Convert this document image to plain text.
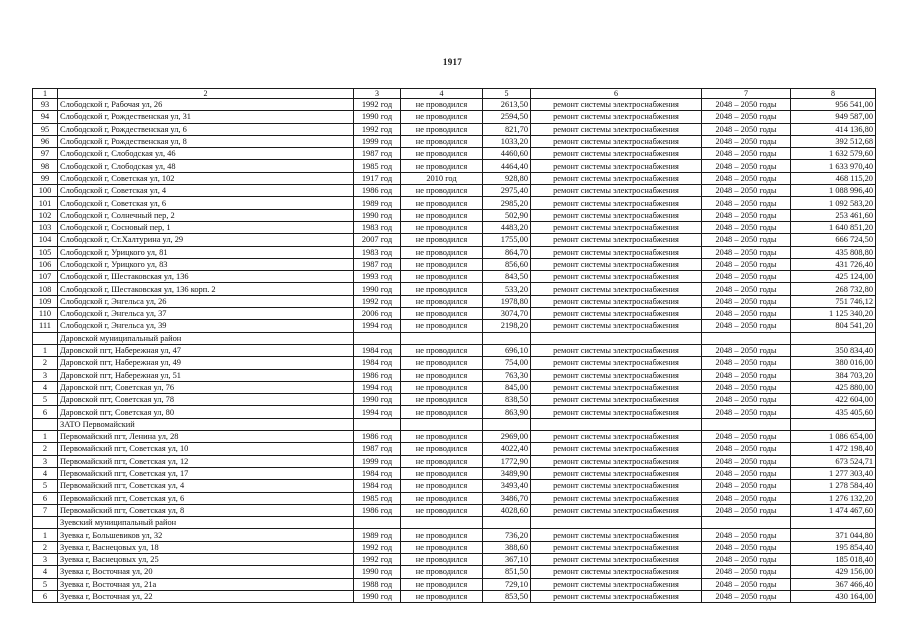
1917
1	2	3	4	5	6	7	8
93	Слободской г, Рабочая ул, 26	1992 год	не проводился	2613,50	ремонт системы электроснабжения	2048 – 2050 годы	956 541,00
94	Слободской г, Рождественская ул, 31	1990 год	не проводился	2594,50	ремонт системы электроснабжения	2048 – 2050 годы	949 587,00
95	Слободской г, Рождественская ул, 6	1992 год	не проводился	821,70	ремонт системы электроснабжения	2048 – 2050 годы	414 136,80
96	Слободской г, Рождественская ул, 8	1999 год	не проводился	1033,20	ремонт системы электроснабжения	2048 – 2050 годы	392 512,68
97	Слободской г, Слободская ул, 46	1987 год	не проводился	4460,60	ремонт системы электроснабжения	2048 – 2050 годы	1 632 579,60
98	Слободской г, Слободская ул, 48	1985 год	не проводился	4464,40	ремонт системы электроснабжения	2048 – 2050 годы	1 633 970,40
99	Слободской г, Советская ул, 102	1917 год	2010 год	928,80	ремонт системы электроснабжения	2048 – 2050 годы	468 115,20
100	Слободской г, Советская ул, 4	1986 год	не проводился	2975,40	ремонт системы электроснабжения	2048 – 2050 годы	1 088 996,40
101	Слободской г, Советская ул, 6	1989 год	не проводился	2985,20	ремонт системы электроснабжения	2048 – 2050 годы	1 092 583,20
102	Слободской г, Солнечный пер, 2	1990 год	не проводился	502,90	ремонт системы электроснабжения	2048 – 2050 годы	253 461,60
103	Слободской г, Сосновый пер, 1	1983 год	не проводился	4483,20	ремонт системы электроснабжения	2048 – 2050 годы	1 640 851,20
104	Слободской г, Ст.Халтурина ул, 29	2007 год	не проводился	1755,00	ремонт системы электроснабжения	2048 – 2050 годы	666 724,50
105	Слободской г, Урицкого ул, 81	1983 год	не проводился	864,70	ремонт системы электроснабжения	2048 – 2050 годы	435 808,80
106	Слободской г, Урицкого ул, 83	1987 год	не проводился	856,60	ремонт системы электроснабжения	2048 – 2050 годы	431 726,40
107	Слободской г, Шестаковская ул, 136	1993 год	не проводился	843,50	ремонт системы электроснабжения	2048 – 2050 годы	425 124,00
108	Слободской г, Шестаковская ул, 136 корп. 2	1990 год	не проводился	533,20	ремонт системы электроснабжения	2048 – 2050 годы	268 732,80
109	Слободской г, Энгельса ул, 26	1992 год	не проводился	1978,80	ремонт системы электроснабжения	2048 – 2050 годы	751 746,12
110	Слободской г, Энгельса ул, 37	2006 год	не проводился	3074,70	ремонт системы электроснабжения	2048 – 2050 годы	1 125 340,20
111	Слободской г, Энгельса ул, 39	1994 год	не проводился	2198,20	ремонт системы электроснабжения	2048 – 2050 годы	804 541,20
	Даровской муниципальный район						
1	Даровской пгт, Набережная ул, 47	1984 год	не проводился	696,10	ремонт системы электроснабжения	2048 – 2050 годы	350 834,40
2	Даровской пгт, Набережная ул, 49	1984 год	не проводился	754,00	ремонт системы электроснабжения	2048 – 2050 годы	380 016,00
3	Даровской пгт, Набережная ул, 51	1986 год	не проводился	763,30	ремонт системы электроснабжения	2048 – 2050 годы	384 703,20
4	Даровской пгт, Советская ул, 76	1994 год	не проводился	845,00	ремонт системы электроснабжения	2048 – 2050 годы	425 880,00
5	Даровской пгт, Советская ул, 78	1990 год	не проводился	838,50	ремонт системы электроснабжения	2048 – 2050 годы	422 604,00
6	Даровской пгт, Советская ул, 80	1994 год	не проводился	863,90	ремонт системы электроснабжения	2048 – 2050 годы	435 405,60
	ЗАТО Первомайский						
1	Первомайский пгт, Ленина ул, 28	1986 год	не проводился	2969,00	ремонт системы электроснабжения	2048 – 2050 годы	1 086 654,00
2	Первомайский пгт, Советская ул, 10	1987 год	не проводился	4022,40	ремонт системы электроснабжения	2048 – 2050 годы	1 472 198,40
3	Первомайский пгт, Советская ул, 12	1999 год	не проводился	1772,90	ремонт системы электроснабжения	2048 – 2050 годы	673 524,71
4	Первомайский пгт, Советская ул, 17	1984 год	не проводился	3489,90	ремонт системы электроснабжения	2048 – 2050 годы	1 277 303,40
5	Первомайский пгт, Советская ул, 4	1984 год	не проводился	3493,40	ремонт системы электроснабжения	2048 – 2050 годы	1 278 584,40
6	Первомайский пгт, Советская ул, 6	1985 год	не проводился	3486,70	ремонт системы электроснабжения	2048 – 2050 годы	1 276 132,20
7	Первомайский пгт, Советская ул, 8	1986 год	не проводился	4028,60	ремонт системы электроснабжения	2048 – 2050 годы	1 474 467,60
	Зуевский муниципальный район						
1	Зуевка г, Большевиков ул, 32	1989 год	не проводился	736,20	ремонт системы электроснабжения	2048 – 2050 годы	371 044,80
2	Зуевка г, Васнецовых ул, 18	1992 год	не проводился	388,60	ремонт системы электроснабжения	2048 – 2050 годы	195 854,40
3	Зуевка г, Васнецовых ул, 25	1992 год	не проводился	367,10	ремонт системы электроснабжения	2048 – 2050 годы	185 018,40
4	Зуевка г, Восточная ул, 20	1990 год	не проводился	851,50	ремонт системы электроснабжения	2048 – 2050 годы	429 156,00
5	Зуевка г, Восточная ул, 21а	1988 год	не проводился	729,10	ремонт системы электроснабжения	2048 – 2050 годы	367 466,40
6	Зуевка г, Восточная ул, 22	1990 год	не проводился	853,50	ремонт системы электроснабжения	2048 – 2050 годы	430 164,00
